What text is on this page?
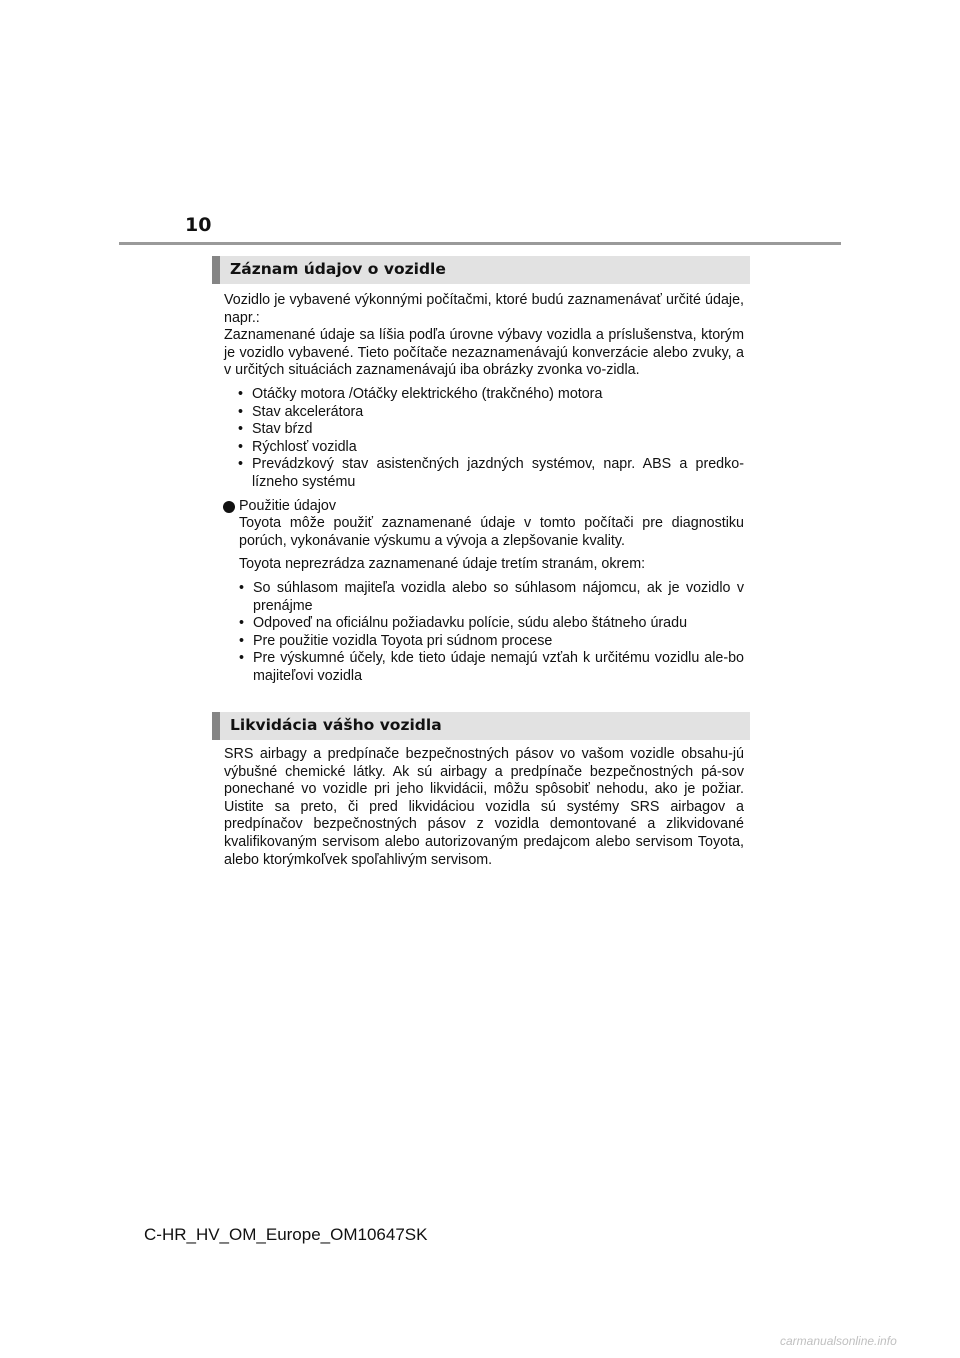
10
Záznam údajov o vozidle

Vozidlo je vybavené výkonnými počítačmi, ktoré budú zaznamenávať určité údaje, napr.:

Zaznamenané údaje sa líšia podľa úrovne výbavy vozidla a príslušenstva, ktorým je vozidlo vybavené. Tieto počítače nezaznamenávajú konverzácie alebo zvuky, a v určitých situáciách zaznamenávajú iba obrázky zvonka vo-zidla.

• Otáčky motora /Otáčky elektrického (trakčného) motora
• Stav akcelerátora
• Stav bŕzd
• Rýchlosť vozidla
• Prevádzkový stav asistenčných jazdných systémov, napr. ABS a predko-lízneho systému

Použitie údajov

Toyota môže použiť zaznamenané údaje v tomto počítači pre diagnostiku porúch, vykonávanie výskumu a vývoja a zlepšovanie kvality.

Toyota neprezrádza zaznamenané údaje tretím stranám, okrem:

• So súhlasom majiteľa vozidla alebo so súhlasom nájomcu, ak je vozidlo v prenájme
• Odpoveď na oficiálnu požiadavku polície, súdu alebo štátneho úradu
• Pre použitie vozidla Toyota pri súdnom procese
• Pre výskumné účely, kde tieto údaje nemajú vzťah k určitému vozidlu ale-bo majiteľovi vozidla
Likvidácia vášho vozidla

SRS airbagy a predpínače bezpečnostných pásov vo vašom vozidle obsahu-jú výbušné chemické látky. Ak sú airbagy a predpínače bezpečnostných pá-sov ponechané vo vozidle pri jeho likvidácii, môžu spôsobiť nehodu, ako je požiar. Uistite sa preto, či pred likvidáciou vozidla sú systémy SRS airbagov a predpínačov bezpečnostných pásov z vozidla demontované a zlikvidované kvalifikovaným servisom alebo autorizovaným predajcom alebo servisom Toyota, alebo ktorýmkoľvek spoľahlivým servisom.

C-HR_HV_OM_Europe_OM10647SK
carmanualsonline.info
